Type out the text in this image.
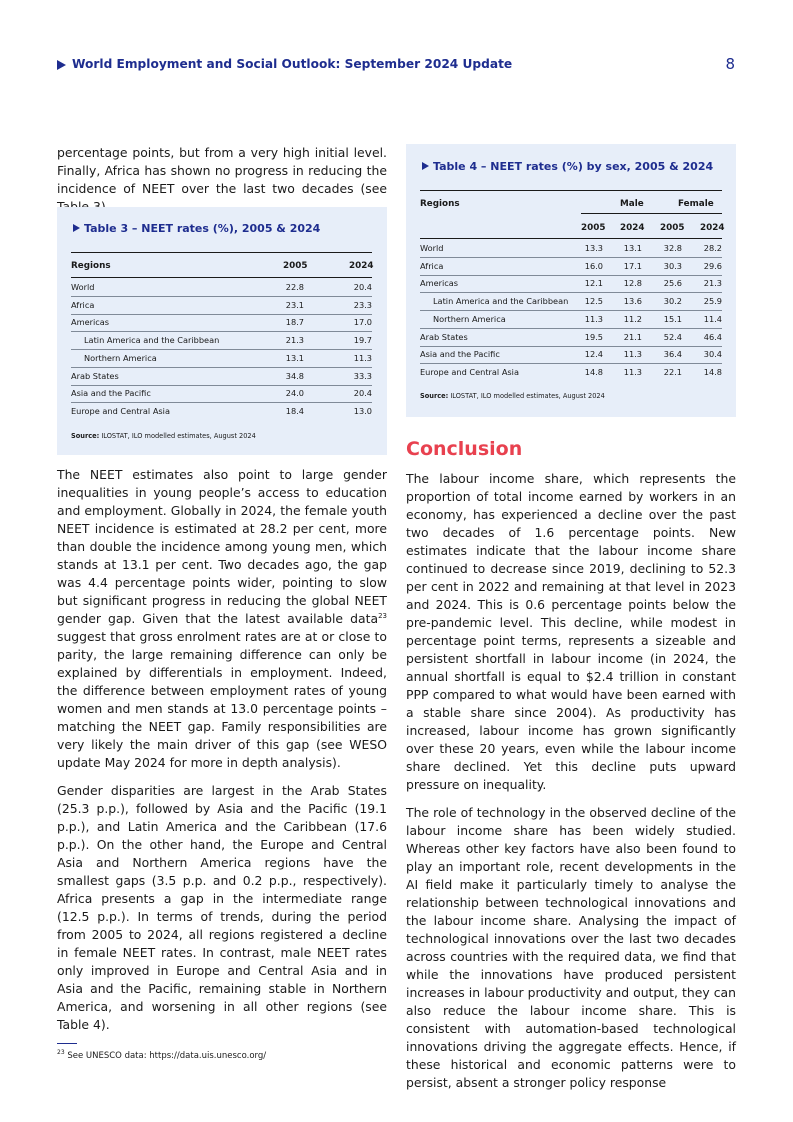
World Employment and Social Outlook: September 2024 Update	8

percentage points, but from a very high initial level. Finally, Africa has shown no progress in reducing the incidence of NEET over the last two decades (see

Table 3 – NEET rates (%), 2005 & 2024
Regions	2005	2024
World	22.8	20.4
Africa	23.1	23.3
Americas	18.7	17.0
Latin America and the Caribbean	21.3	19.7
Northern America	13.1	11.3
Arab States	34.8	33.3
Asia and the Pacific	24.0	20.4
Europe and Central Asia	18.4	13.0
Source: ILOSTAT, ILO modelled estimates, August 2024

The NEET estimates also point to large gender inequalities in young people’s access to education and employment. Globally in 2024, the female youth NEET incidence is estimated at 28.2 per cent, more than double the incidence among young men, which stands at 13.1 per cent. Two decades ago, the gap was 4.4 percentage points wider, pointing to slow but significant progress in reducing the global NEET gender gap. Given that the latest available data$^{23}$ suggest that gross enrolment rates are at or close to parity, the large remaining difference can only be explained by differentials in employment. Indeed, the difference between employment rates of young women and men stands at 13.0 percentage points – matching the NEET gap. Family responsibilities are very likely the main driver of this gap (see WESO update May 2024 for more in depth analysis).

Gender disparities are largest in the Arab States (25.3 p.p.), followed by Asia and the Pacific (19.1 p.p.), and Latin America and the Caribbean (17.6 p.p.). On the other hand, the Europe and Central Asia and Northern America regions have the smallest gaps (3.5 p.p. and 0.2 p.p., respectively). Africa presents a gap in the intermediate range (12.5 p.p.). In terms of trends, during the period from 2005 to 2024, all regions registered a decline in female NEET rates. In contrast, male NEET rates only improved in Europe and Central Asia and in Asia and the Pacific, remaining stable in Northern America, and worsening in all other regions (see Table 4).

Table 4 – NEET rates (%) by sex, 2005 & 2024
Regions	Male	Female
2005 2024 2005 2024
World	13.3	13.1	32.8	28.2
Africa	16.0	17.1	30.3	29.6
Americas	12.1	12.8	25.6	21.3
Latin America and the Caribbean 12.5	13.6	30.2	25.9
Northern America	11.3	11.2	15.1	11.4
Arab States	19.5	21.1	52.4	46.4
Asia and the Pacific	12.4	11.3	36.4	30.4
Europe and Central Asia	14.8	11.3	22.1	14.8
Source: ILOSTAT, ILO modelled estimates, August 2024
Conclusion

The labour income share, which represents the proportion of total income earned by workers in an economy, has experienced a decline over the past two decades of 1.6 percentage points. New estimates indicate that the labour income share continued to decrease since 2019, declining to 52.3 per cent in 2022 and remaining at that level in 2023 and 2024. This is 0.6 percentage points below the pre-pandemic level. This decline, while modest in percentage point terms, represents a sizeable and persistent shortfall in labour income (in 2024, the annual shortfall is equal to $2.4 trillion in constant PPP compared to what would have been earned with a stable share since 2004). As productivity has increased, labour income has grown significantly over these 20 years, even while the labour income share declined. Yet this decline puts upward pressure on inequality.

The role of technology in the observed decline of the labour income share has been widely studied. Whereas other key factors have also been found to play an important role, recent developments in the AI field make it particularly timely to analyse the relationship between technological innovations and the labour income share. Analysing the impact of technological innovations over the last two decades across countries with the required data, we find that while the innovations have produced persistent increases in labour productivity and output, they can also reduce the labour income share. This is consistent with automation-based technological innovations driving the aggregate effects. Hence, if these historical and economic patterns were to persist, absent a stronger policy response

$^{23}$ See UNESCO data: https://data.uis.unesco.org/
